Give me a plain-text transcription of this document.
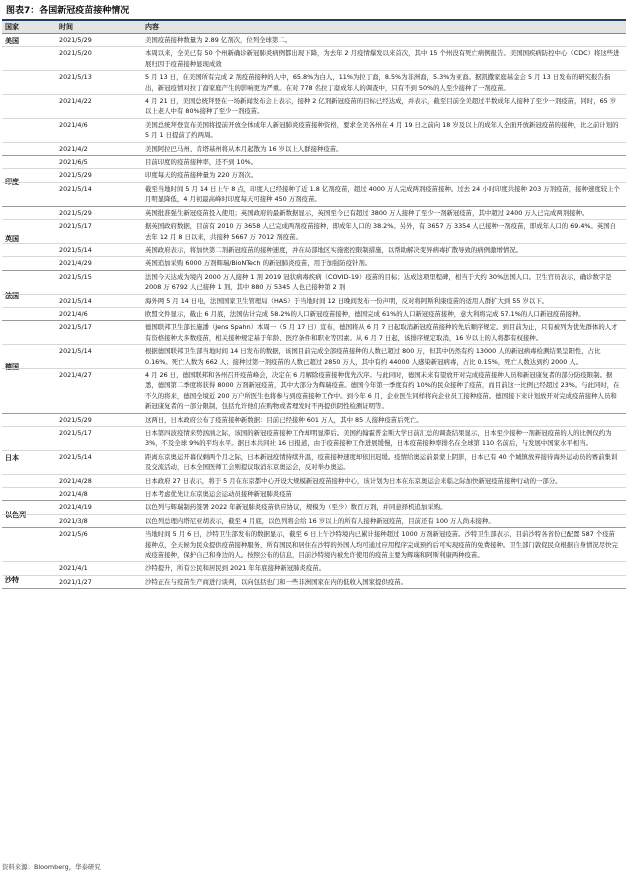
图表7：各国新冠疫苗接种情况
国家	时间	内容
美国	2021/5/29	美国疫苗接种数量为 2.89 亿剂次，位列全球第二。
2021/5/20	本周以来，全美已有 50 个州新确诊新冠肺炎病例都出现下降，为去年 2 月疫情爆发以来首次，其中 15 个州没有死亡病例报告。美国国疾病防控中心（CDC）将这些进展归因于疫苗接种显现成效
2021/5/13	5 月 13 日，在美国所有完成 2 剂疫苗接种的人中，65.8%为白人，11%为拉丁裔，8.5%为非洲裔，5.3%为亚裔。据凯撒家庭基金会 5 月 13 日发布的研究报告指出，新冠疫情对拉丁裔家庭产生的影响更为严重。在对 778 名拉丁裔成年人的调查中，只有不到 50%的人至少接种了一剂疫苗。
2021/4/22	4 月 21 日，美国总统拜登在一场新闻发布会上表示，接种 2 亿剂新冠疫苗的目标已经达成，并表示，截至目前全美超过半数成年人接种了至少一剂疫苗，同时，65 岁以上老人中有 80%接种了至少一剂疫苗。
2021/4/6	美国总统拜登宣布美国将提前开放全体成年人新冠肺炎疫苗接种资格，要求全美各州在 4 月 19 日之前向 18 岁及以上的成年人全面开放新冠疫苗的接种，比之前计划的 5 月 1 日提前了约两周。
2021/4/2	美国阿拉巴马州、肯塔基州将从本月起散为 16 岁以上人群接种疫苗。
印度
2021/6/5	目前印度的疫苗接种率，还不到 10%。
2021/5/29	印度每天的疫苗接种量为 220 万剂次。
2021/5/14	截至当地时间 5 月 14 日上午 8 点，印度人已经接种了近 1.8 亿剂疫苗，超过 4000 万人完成两剂疫苗接种。过去 24 小时印度共接种 203 万剂疫苗，接种速度较上个月明显降低，4 月初最高峰时印度每天可接种 450 万剂疫苗。
英国
2021/5/29	英国批准强生新冠疫苗投入使用；英国政府的最新数据显示，英国至今已有超过 3800 万人接种了至少一剂新冠疫苗，其中超过 2400 万人已完成两剂接种。
2021/5/17	据英国政府数据，目前有 2010 万 3658 人已完成两剂疫苗接种，即成年人口的 38.2%。另外，有 3657 万 3354 人已接种一剂疫苗，即成年人口的 69.4%。英国自去年 12 月 8 日以来，共接种 5667 万 7012 剂疫苗。
2021/5/14	英国政府表示，将加快第二剂新冠疫苗的接种速度，并在局部地区实施密控限制措施，以帮助解决变异病毒扩散导致的病例激增情况。
2021/4/29	英国追加采购 6000 万剂辉瑞/BioNTech 的新冠肺炎疫苗，用于加强防疫针剂。
法国
2021/5/15	法国今天达成为境内 2000 万人接种 1 剂 2019 冠状病毒疾病（COVID-19）疫苗的目标；达成这项里程碑，相当于大约 30%法国人口。卫生官员表示，确诊数字是 2008 万 6792 人已接种 1 剂，其中 880 万 5345 人也已接种第 2 剂
2021/5/14	海外网 5 月 14 日电，法国国家卫生管理局（HAS）于当地时间 12 日晚间发布一份声明，反对将阿斯利康疫苗的适用人群扩大到 55 岁以下。
2021/4/6	欧盟文件显示，截止 6 月底，法国估计完成 58.2%的人口新冠疫苗接种，德国完成 61%的人口新冠疫苗接种，意大利将完成 57.1%的人口新冠疫苗接种。
德国
2021/5/17	德国联邦卫生部长施潘（Jens Spahn）本周一（5 月 17 日）宣布，德国将从 6 月 7 日起取消新冠疫苗接种的先后顺序规定。到目前为止，只有被列为优先群体的人才有资格接种大多数疫苗，相关接种规定基于年龄、医疗条件和职业等因素。从 6 月 7 日起，该排序规定取消，16 岁以上的人将都有权接种。
2021/5/14	根据德国联邦卫生部当地时间 14 日发布的数据，该国目前完成全部疫苗接种的人数已超过 800 万，但其中仍然有约 13000 人的新冠病毒检测结果呈阳性，占比 0.16%。死亡人数为 662 人；接种过第一剂疫苗的人数已超过 2850 万人，其中有约 44000 人感染新冠病毒，占比 0.15%，死亡人数达到约 2000 人。
2021/4/27	4 月 26 日，德国联邦和各州召开疫苗峰会，决定在 6 月解除疫苗接种优先次序。与此同时，德国未来有望放开对完成疫苗接种人员和新冠康复者的部分防疫限制。据悉，德国第二季度将获得 8000 万剂新冠疫苗，其中大部分为辉瑞疫苗。德国今年第一季度有约 10%的民众接种了疫苗，而目前这一比例已经超过 23%。与此同时，在不久的将来，德国全境近 200 万户所医生也将参与到疫苗接种工作中。到今年 6 月，企业医生同样将向企业员工接种疫苗。德国接下来计划放开对完成疫苗接种人员和新冠康复者的一部分限制，包括允许他们在购物或者理发时不再提供阴性检测证明等。
日本
2021/5/29	这两日，日本政府公布了疫苗接种新数据：目前已经接种 601 万人，其中 85 人接种疫苗后死亡。
2021/5/17	日本第四波疫情来势汹汹之际，该国的新冠疫苗接种工作却明显滞后。美国约翰霍普金斯大学日前汇总的调查结果显示，日本至少接种一剂新冠疫苗的人的比例仅约为 3%，不及全球 9%的平均水平。据日本共同社 16 日报道，由于疫苗接种工作进展缓慢，日本疫苗接种率排名在全球第 110 名前后，与发展中国家水平相当。
2021/5/14	距离东京奥运开幕仅剩两个月之际，日本新冠疫情持续升温，疫苗接种速度却依旧迟缓。疫情给奥运前景蒙上阴影，日本已有 40 个城镇放弃接待海外运动员的赛前集训及交流活动，日本全国医师工会则提议取消东京奥运会，反对举办奥运。
2021/4/28	日本政府 27 日表示，将于 5 月在东京都中心开设大规模新冠疫苗接种中心，该计划为日本在东京奥运会来临之际加快新冠疫苗接种行动的一部分。
2021/4/8	日本考虑优先让东京奥运会运动员接种新冠肺炎疫苗
以色列
2021/4/19	以色列与辉瑞制药签署 2022 年新冠肺炎疫苗供应协议，规模为（至少）数百万剂，并同意择机追加采购。
2021/3/8	以色列总理内塔尼亚胡表示，截至 4 月底，以色列将会给 16 岁以上的所有人接种新冠疫苗，目前还有 100 万人尚未接种。
沙特
2021/5/6	当地时间 5 月 6 日，沙特卫生部发布的数据显示，截至 6 日上午沙特境内已累计接种超过 1000 万剂新冠疫苗。沙特卫生部表示，目前沙特各省份已配置 587 个疫苗接种点，全天候为民众提供疫苗接种服务，所有国民和居住在沙特的外国人均可通过应用程序完成预约后可实现疫苗的免费接种。卫生部门敦促民众根据自身情况尽快完成疫苗接种，保护自己和身边的人。按照公布的信息，目前沙特境内被允许使用的疫苗主要为辉瑞和阿斯利康两种疫苗。
2021/4/1	沙特提升，所有公民和居民到 2021 年年底接种新冠肺炎疫苗。
2021/1/27	沙特正在与疫苗生产商进行谈判，以向包括也门和一些非洲国家在内的低收入国家提供疫苗。
资料来源：Bloomberg，华泰研究
